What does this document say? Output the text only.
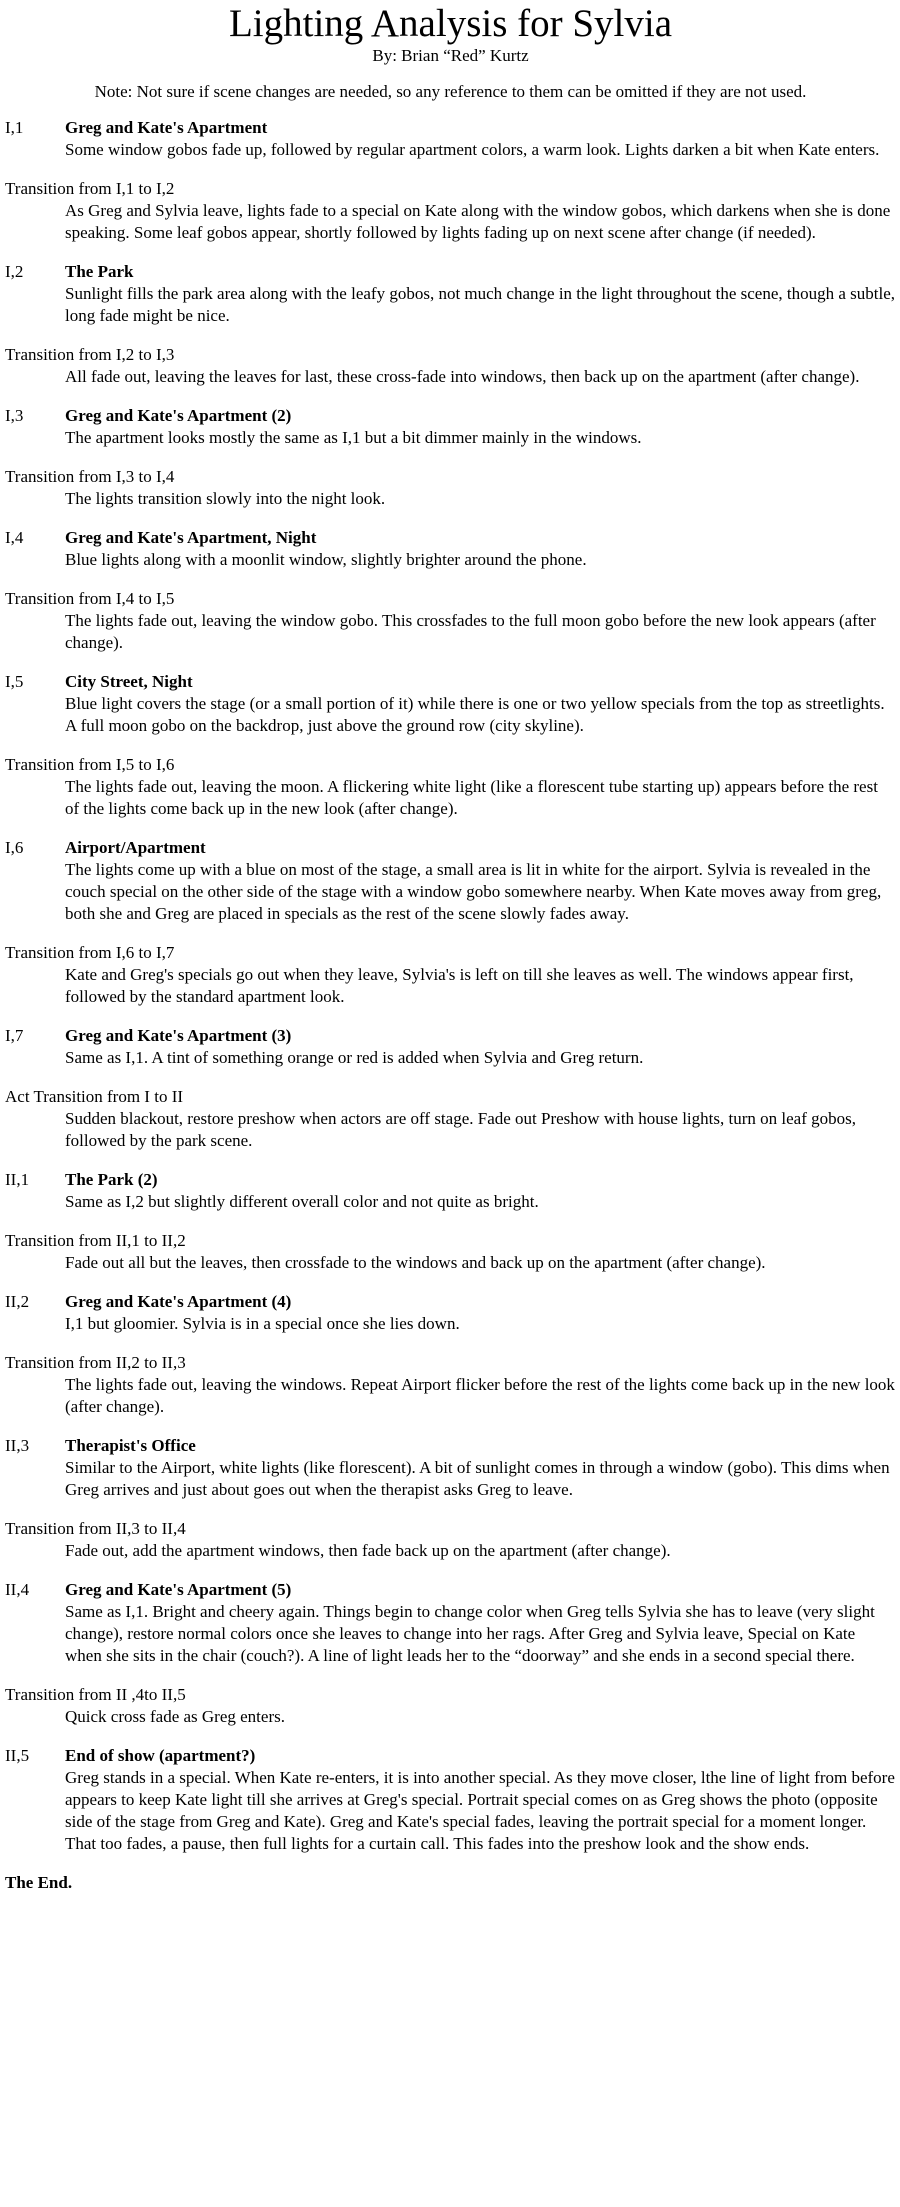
Lighting Analysis for Sylvia
By: Brian “Red” Kurtz
Note: Not sure if scene changes are needed, so any reference to them can be omitted if they are not used.
I,1	Greg and Kate's Apartment
Some window gobos fade up, followed by regular apartment colors, a warm look. Lights darken a bit when Kate enters.
Transition from I,1 to I,2
As Greg and Sylvia leave, lights fade to a special on Kate along with the window gobos, which darkens when she is done speaking. Some leaf gobos appear, shortly followed by lights fading up on next scene after change (if needed).
I,2	The Park
Sunlight fills the park area along with the leafy gobos, not much change in the light throughout the scene, though a subtle, long fade might be nice.
Transition from I,2 to I,3
All fade out, leaving the leaves for last, these cross-fade into windows, then back up on the apartment (after change).
I,3	Greg and Kate's Apartment (2)
The apartment looks mostly the same as I,1 but a bit dimmer mainly in the windows.
Transition from I,3 to I,4
The lights transition slowly into the night look.
I,4	Greg and Kate's Apartment, Night
Blue lights along with a moonlit window, slightly brighter around the phone.
Transition from I,4 to I,5
The lights fade out, leaving the window gobo. This crossfades to the full moon gobo before the new look appears (after change).
I,5	City Street, Night
Blue light covers the stage (or a small portion of it) while there is one or two yellow specials from the top as streetlights. A full moon gobo on the backdrop, just above the ground row (city skyline).
Transition from I,5 to I,6
The lights fade out, leaving the moon. A flickering white light (like a florescent tube starting up) appears before the rest of the lights come back up in the new look (after change).
I,6	Airport/Apartment
The lights come up with a blue on most of the stage, a small area is lit in white for the airport. Sylvia is revealed in the couch special on the other side of the stage with a window gobo somewhere nearby. When Kate moves away from greg, both she and Greg are placed in specials as the rest of the scene slowly fades away.
Transition from I,6 to I,7
Kate and Greg's specials go out when they leave, Sylvia's is left on till she leaves as well. The windows appear first, followed by the standard apartment look.
I,7	Greg and Kate's Apartment (3)
Same as I,1. A tint of something orange or red is added when Sylvia and Greg return.
Act Transition from I to II
Sudden blackout, restore preshow when actors are off stage. Fade out Preshow with house lights, turn on leaf gobos, followed by the park scene.
II,1	The Park (2)
Same as I,2 but slightly different overall color and not quite as bright.
Transition from II,1 to II,2
Fade out all but the leaves, then crossfade to the windows and back up on the apartment (after change).
II,2	Greg and Kate's Apartment (4)
I,1 but gloomier. Sylvia is in a special once she lies down.
Transition from II,2 to II,3
The lights fade out, leaving the windows. Repeat Airport flicker before the rest of the lights come back up in the new look (after change).
II,3	Therapist's Office
Similar to the Airport, white lights (like florescent). A bit of sunlight comes in through a window (gobo). This dims when Greg arrives and just about goes out when the therapist asks Greg to leave.
Transition from II,3 to II,4
Fade out, add the apartment windows, then fade back up on the apartment (after change).
II,4	Greg and Kate's Apartment (5)
Same as I,1. Bright and cheery again. Things begin to change color when Greg tells Sylvia she has to leave (very slight change), restore normal colors once she leaves to change into her rags. After Greg and Sylvia leave, Special on Kate when she sits in the chair (couch?). A line of light leads her to the “doorway” and she ends in a second special there.
Transition from II ,4to II,5
Quick cross fade as Greg enters.
II,5	End of show (apartment?)
Greg stands in a special. When Kate re-enters, it is into another special. As they move closer, lthe line of light from before appears to keep Kate light till she arrives at Greg's special. Portrait special comes on as Greg shows the photo (opposite side of the stage from Greg and Kate). Greg and Kate's special fades, leaving the portrait special for a moment longer. That too fades, a pause, then full lights for a curtain call. This fades into the preshow look and the show ends.
The End.
